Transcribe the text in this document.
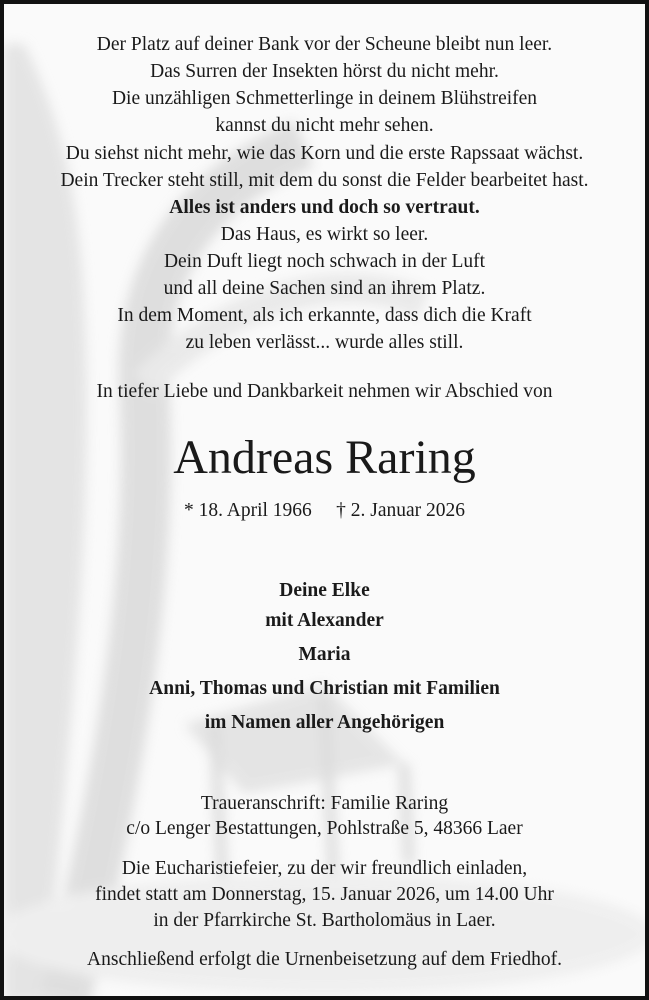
Der Platz auf deiner Bank vor der Scheune bleibt nun leer.
Das Surren der Insekten hörst du nicht mehr.
Die unzähligen Schmetterlinge in deinem Blühstreifen
kannst du nicht mehr sehen.
Du siehst nicht mehr, wie das Korn und die erste Rapssaat wächst.
Dein Trecker steht still, mit dem du sonst die Felder bearbeitet hast.
Alles ist anders und doch so vertraut.
Das Haus, es wirkt so leer.
Dein Duft liegt noch schwach in der Luft
und all deine Sachen sind an ihrem Platz.
In dem Moment, als ich erkannte, dass dich die Kraft
zu leben verlässt... wurde alles still.
In tiefer Liebe und Dankbarkeit nehmen wir Abschied von
Andreas Raring
* 18. April 1966 † 2. Januar 2026
Deine Elke
mit Alexander
Maria
Anni, Thomas und Christian mit Familien
im Namen aller Angehörigen
Traueranschrift: Familie Raring
c/o Lenger Bestattungen, Pohlstraße 5, 48366 Laer
Die Eucharistiefeier, zu der wir freundlich einladen,
findet statt am Donnerstag, 15. Januar 2026, um 14.00 Uhr
in der Pfarrkirche St. Bartholomäus in Laer.
Anschließend erfolgt die Urnenbeisetzung auf dem Friedhof.
